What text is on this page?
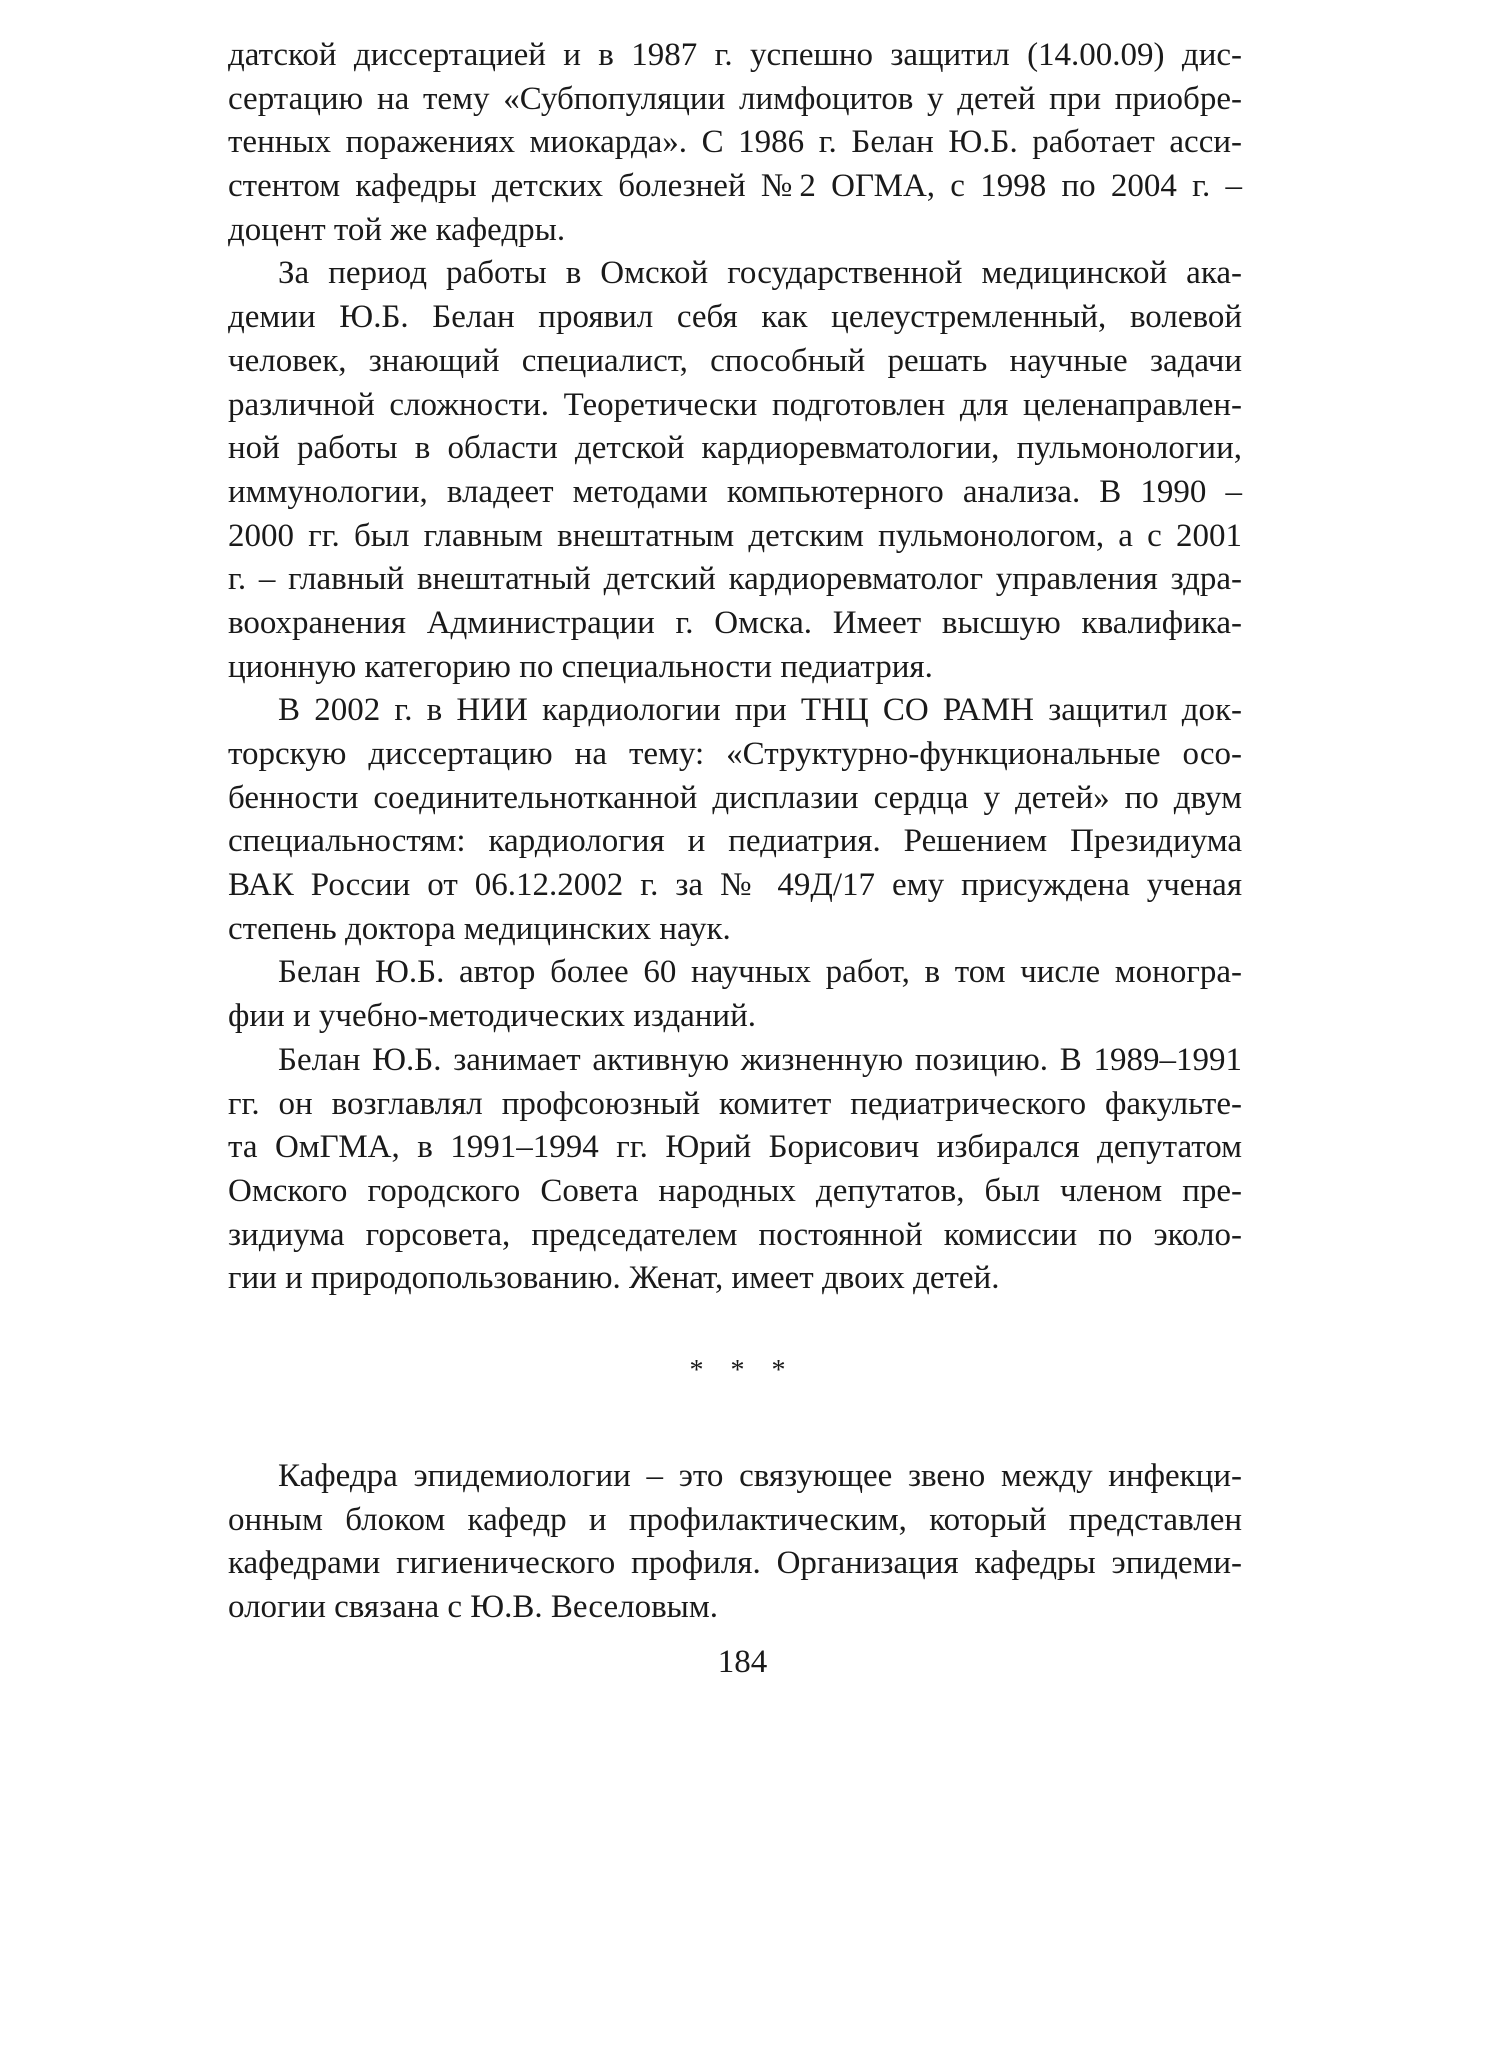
датской диссертацией и в 1987 г. успешно защитил (14.00.09) дис-
сертацию на тему «Субпопуляции лимфоцитов у детей при приобре-
тенных поражениях миокарда». С 1986 г. Белан Ю.Б. работает асси-
стентом кафедры детских болезней №2 ОГМА, с 1998 по 2004 г. –
доцент той же кафедры.
За период работы в Омской государственной медицинской ака-
демии Ю.Б. Белан проявил себя как целеустремленный, волевой
человек, знающий специалист, способный решать научные задачи
различной сложности. Теоретически подготовлен для целенаправлен-
ной работы в области детской кардиоревматологии, пульмонологии,
иммунологии, владеет методами компьютерного анализа. В 1990 –
2000 гг. был главным внештатным детским пульмонологом, а с 2001
г. – главный внештатный детский кардиоревматолог управления здра-
воохранения Администрации г. Омска. Имеет высшую квалифика-
ционную категорию по специальности педиатрия.
В 2002 г. в НИИ кардиологии при ТНЦ СО РАМН защитил док-
торскую диссертацию на тему: «Структурно-функциональные осо-
бенности соединительнотканной дисплазии сердца у детей» по двум
специальностям: кардиология и педиатрия. Решением Президиума
ВАК России от 06.12.2002 г. за № 49Д/17 ему присуждена ученая
степень доктора медицинских наук.
Белан Ю.Б. автор более 60 научных работ, в том числе моногра-
фии и учебно-методических изданий.
Белан Ю.Б. занимает активную жизненную позицию. В 1989–1991
гг. он возглавлял профсоюзный комитет педиатрического факульте-
та ОмГМА, в 1991–1994 гг. Юрий Борисович избирался депутатом
Омского городского Совета народных депутатов, был членом пре-
зидиума горсовета, председателем постоянной комиссии по эколо-
гии и природопользованию. Женат, имеет двоих детей.
* * *
Кафедра эпидемиологии – это связующее звено между инфекци-
онным блоком кафедр и профилактическим, который представлен
кафедрами гигиенического профиля. Организация кафедры эпидеми-
ологии связана с Ю.В. Веселовым.
184
